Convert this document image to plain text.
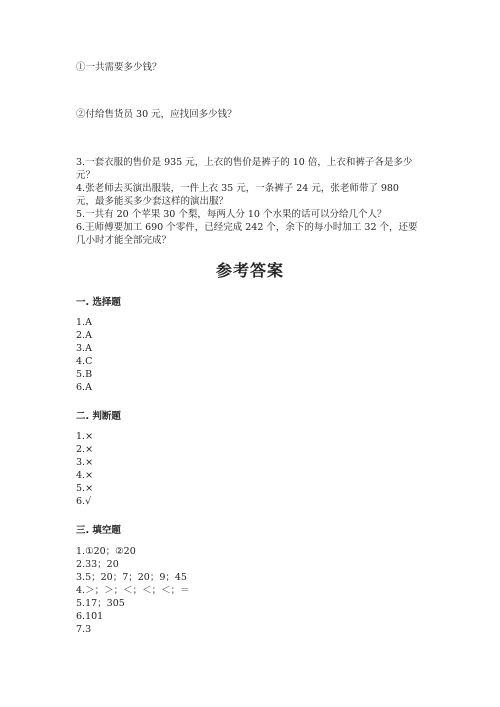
①一共需要多少钱？
②付给售货员 30 元，应找回多少钱？
3.一套衣服的售价是 935 元，上衣的售价是裤子的 10 倍，上衣和裤子各是多少
元？
4.张老师去买演出服装，一件上衣 35 元，一条裤子 24 元，张老师带了 980
元，最多能买多少套这样的演出服？
5.一共有 20 个苹果 30 个梨，每两人分 10 个水果的话可以分给几个人？
6.王师傅要加工 690 个零件，已经完成 242 个，余下的每小时加工 32 个，还要
几小时才能全部完成？
参考答案
一. 选择题
1.A
2.A
3.A
4.C
5.B
6.A
二. 判断题
1.×
2.×
3.×
4.×
5.×
6.√
三. 填空题
1.①20；②20
2.33；20
3.5；20；7；20；9；45
4.＞；＞；＜；＜；＜；＝
5.17；305
6.101
7.3
